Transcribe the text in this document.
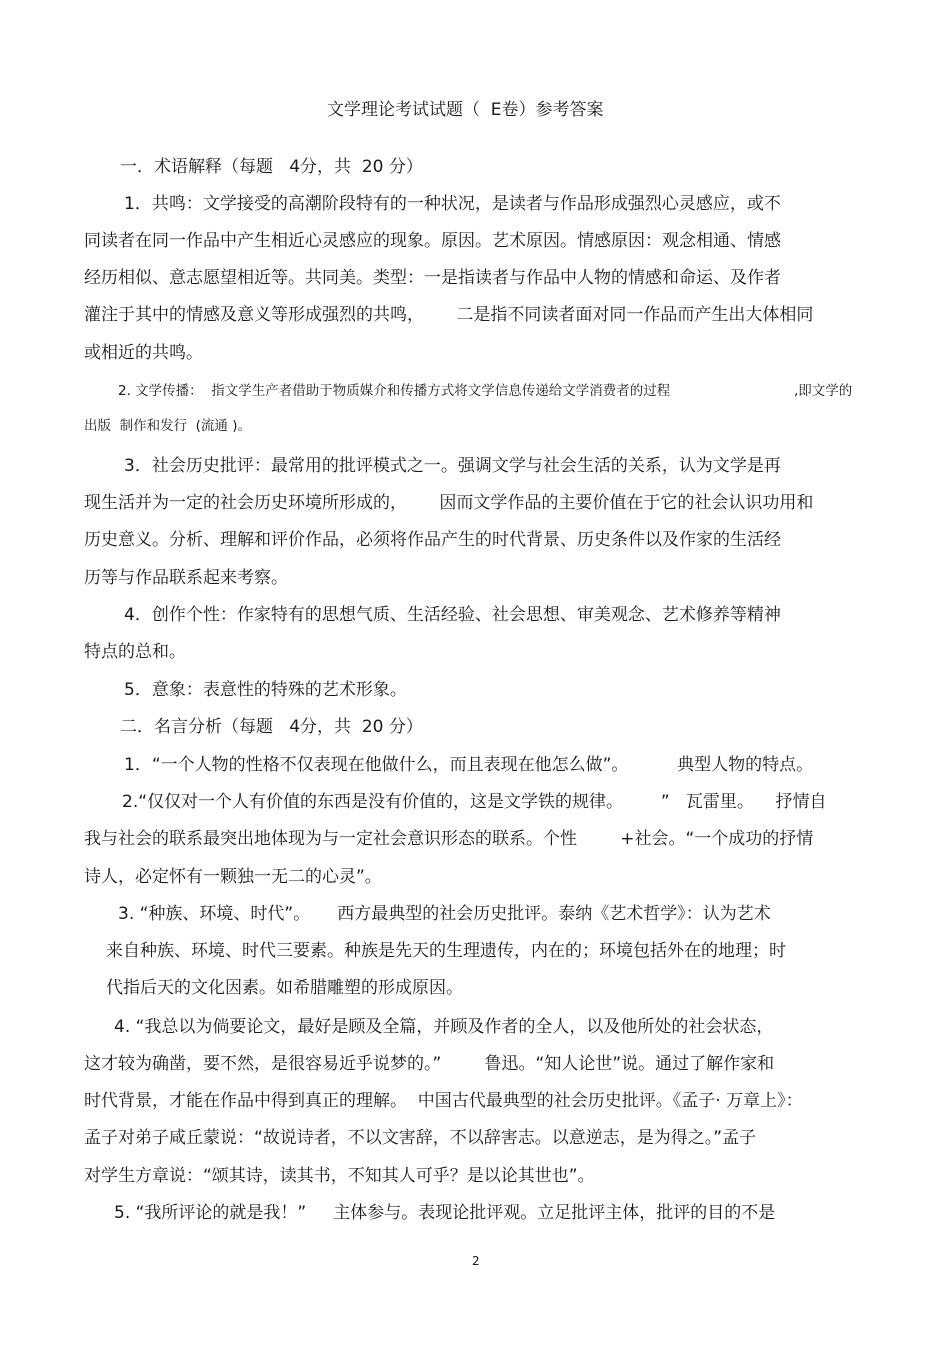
文学理论考试试题（  E卷）参考答案
一．术语解释（每题   4分，共  20 分）
1．共鸣：文学接受的高潮阶段特有的一种状况，是读者与作品形成强烈心灵感应，或不
同读者在同一作品中产生相近心灵感应的现象。原因。艺术原因。情感原因：观念相通、情感
经历相似、意志愿望相近等。共同美。类型：一是指读者与作品中人物的情感和命运、及作者
灌注于其中的情感及意义等形成强烈的共鸣，      二是指不同读者面对同一作品而产生出大体相同
或相近的共鸣。
2. 文学传播：  指文学生产者借助于物质媒介和传播方式将文学信息传递给文学消费者的过程	,即文学的
出版  制作和发行  (流通 )。
3．社会历史批评：最常用的批评模式之一。强调文学与社会生活的关系，认为文学是再
现生活并为一定的社会历史环境所形成的，      因而文学作品的主要价值在于它的社会认识功用和
历史意义。分析、理解和评价作品，必须将作品产生的时代背景、历史条件以及作家的生活经
历等与作品联系起来考察。
4．创作个性：作家特有的思想气质、生活经验、社会思想、审美观念、艺术修养等精神
特点的总和。
5．意象：表意性的特殊的艺术形象。
二．名言分析（每题   4分，共  20 分）
1．“一个人物的性格不仅表现在他做什么，而且表现在他怎么做”。         典型人物的特点。
2.“仅仅对一个人有价值的东西是没有价值的，这是文学铁的规律。       ”   瓦雷里。    抒情自
我与社会的联系最突出地体现为与一定社会意识形态的联系。个性        +社会。“一个成功的抒情
诗人，必定怀有一颗独一无二的心灵”。
3. “种族、环境、时代”。     西方最典型的社会历史批评。泰纳《艺术哲学》：认为艺术
来自种族、环境、时代三要素。种族是先天的生理遗传，内在的；环境包括外在的地理；时
代指后天的文化因素。如希腊雕塑的形成原因。
4. “我总以为倘要论文，最好是顾及全篇，并顾及作者的全人，以及他所处的社会状态，
这才较为确凿，要不然，是很容易近乎说梦的。”        鲁迅。“知人论世”说。通过了解作家和
时代背景，才能在作品中得到真正的理解。  中国古代最典型的社会历史批评。《孟子· 万章上》：
孟子对弟子咸丘蒙说：“故说诗者，不以文害辞，不以辞害志。以意逆志，是为得之。”孟子
对学生方章说：“颂其诗，读其书，不知其人可乎？是以论其世也”。
5. “我所评论的就是我！”     主体参与。表现论批评观。立足批评主体，批评的目的不是
2
